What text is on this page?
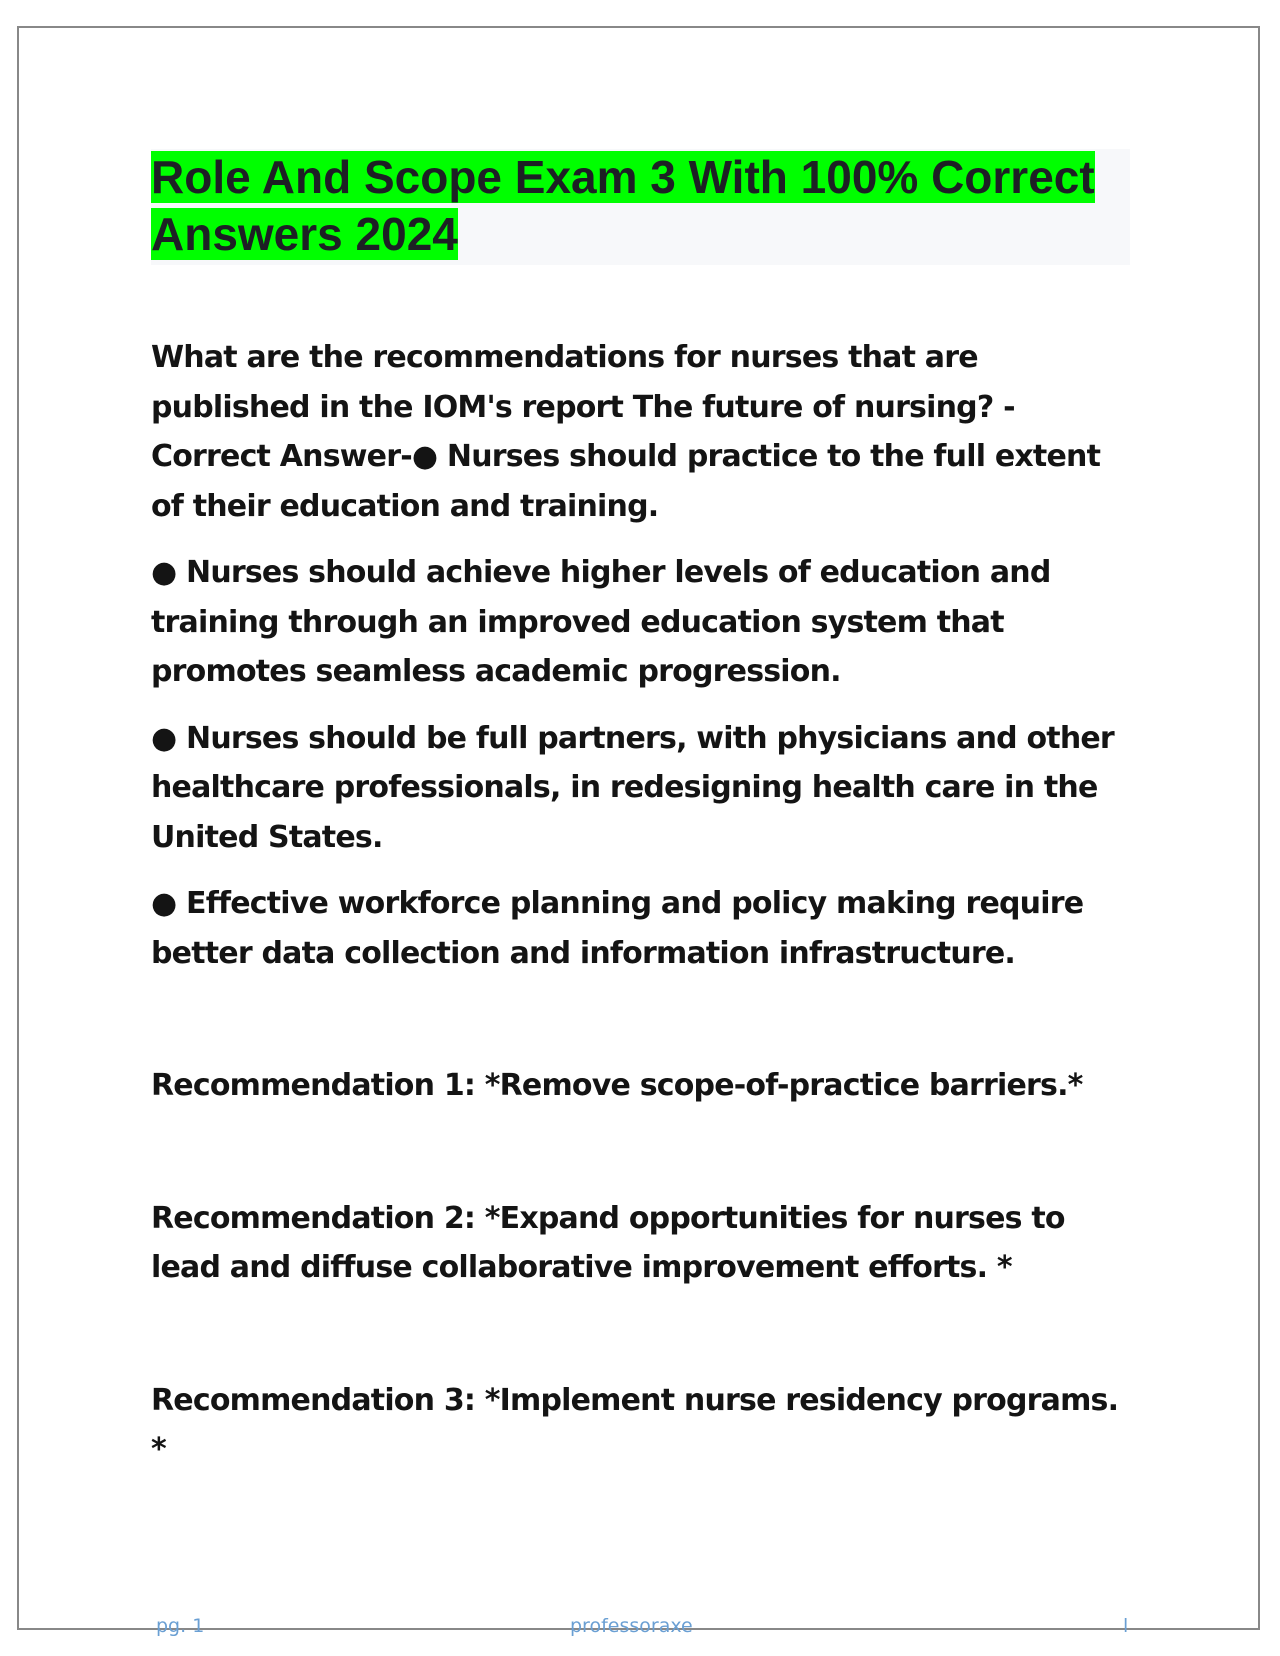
Role And Scope Exam 3 With 100% Correct Answers 2024

What are the recommendations for nurses that are published in the IOM's report The future of nursing? - Correct Answer-● Nurses should practice to the full extent of their education and training.

● Nurses should achieve higher levels of education and training through an improved education system that promotes seamless academic progression.

● Nurses should be full partners, with physicians and other healthcare professionals, in redesigning health care in the United States.

● Effective workforce planning and policy making require better data collection and information infrastructure.

Recommendation 1: *Remove scope-of-practice barriers.*

Recommendation 2: *Expand opportunities for nurses to lead and diffuse collaborative improvement efforts. *

Recommendation 3: *Implement nurse residency programs. *

pg. 1	professoraxe	l
